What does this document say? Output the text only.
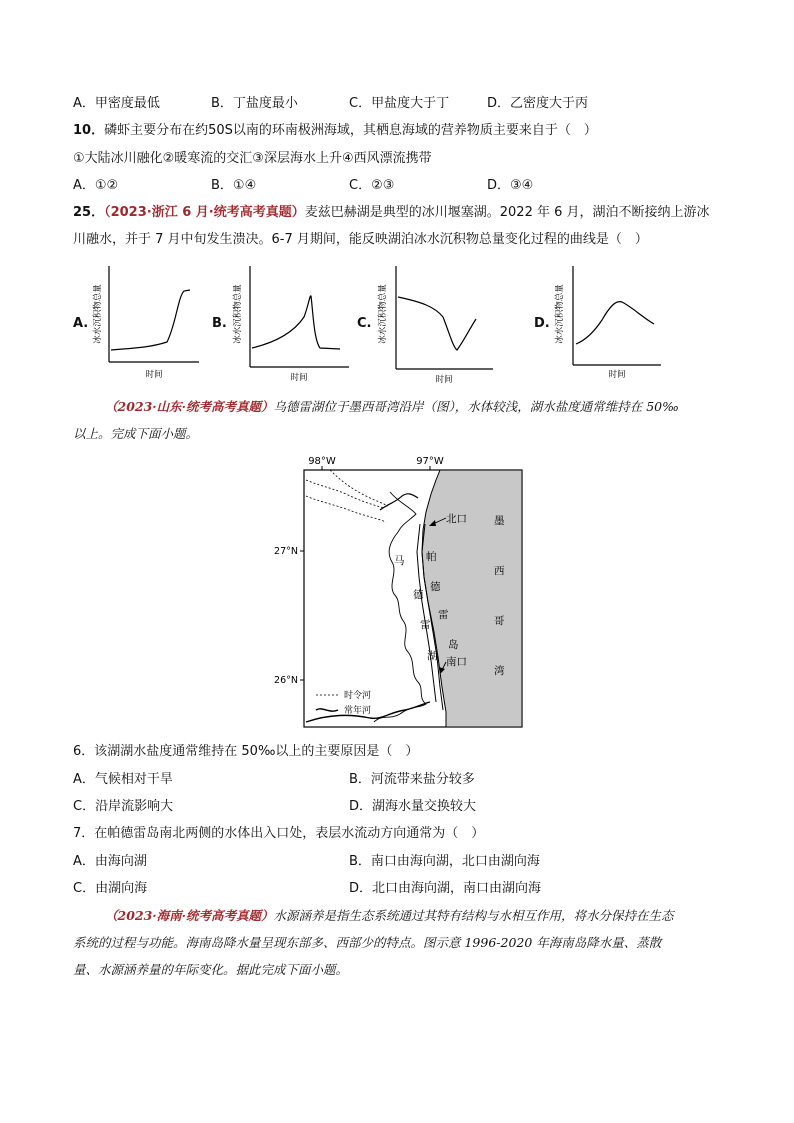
A．甲密度最低	B．丁盐度最小	C．甲盐度大于丁	D．乙密度大于丙
10．磷虾主要分布在约50S以南的环南极洲海域，其栖息海域的营养物质主要来自于（　）
①大陆冰川融化②暖寒流的交汇③深层海水上升④西风漂流携带
A．①②	B．①④	C．②③	D．③④
25．（2023·浙江 6 月·统考高考真题）麦兹巴赫湖是典型的冰川堰塞湖。2022 年 6 月，湖泊不断接纳上游冰
川融水，并于 7 月中旬发生溃决。6-7 月期间，能反映湖泊冰水沉积物总量变化过程的曲线是（　）
A. 冰水沉积物总量
时间
B. 冰水沉积物总量
时间
C. 冰水沉积物总量
时间
D. 冰水沉积物总量
时间
（2023·山东·统考高考真题）乌德雷湖位于墨西哥湾沿岸（图），水体较浅，湖水盐度通常维持在 50‰
以上。完成下面小题。
98°W	97°W
27°N
26°N
北口
南口
墨
西
哥
湾
帕
德
雷
岛
马
德
雷
湖
时令河
常年河
6．该湖湖水盐度通常维持在 50‰以上的主要原因是（　）
A．气候相对干旱	B．河流带来盐分较多
C．沿岸流影响大	D．湖海水量交换较大
7．在帕德雷岛南北两侧的水体出入口处，表层水流动方向通常为（　）
A．由海向湖	B．南口由海向湖，北口由湖向海
C．由湖向海	D．北口由海向湖，南口由湖向海
（2023·海南·统考高考真题）水源涵养是指生态系统通过其特有结构与水相互作用，将水分保持在生态
系统的过程与功能。海南岛降水量呈现东部多、西部少的特点。图示意 1996-2020 年海南岛降水量、蒸散
量、水源涵养量的年际变化。据此完成下面小题。
